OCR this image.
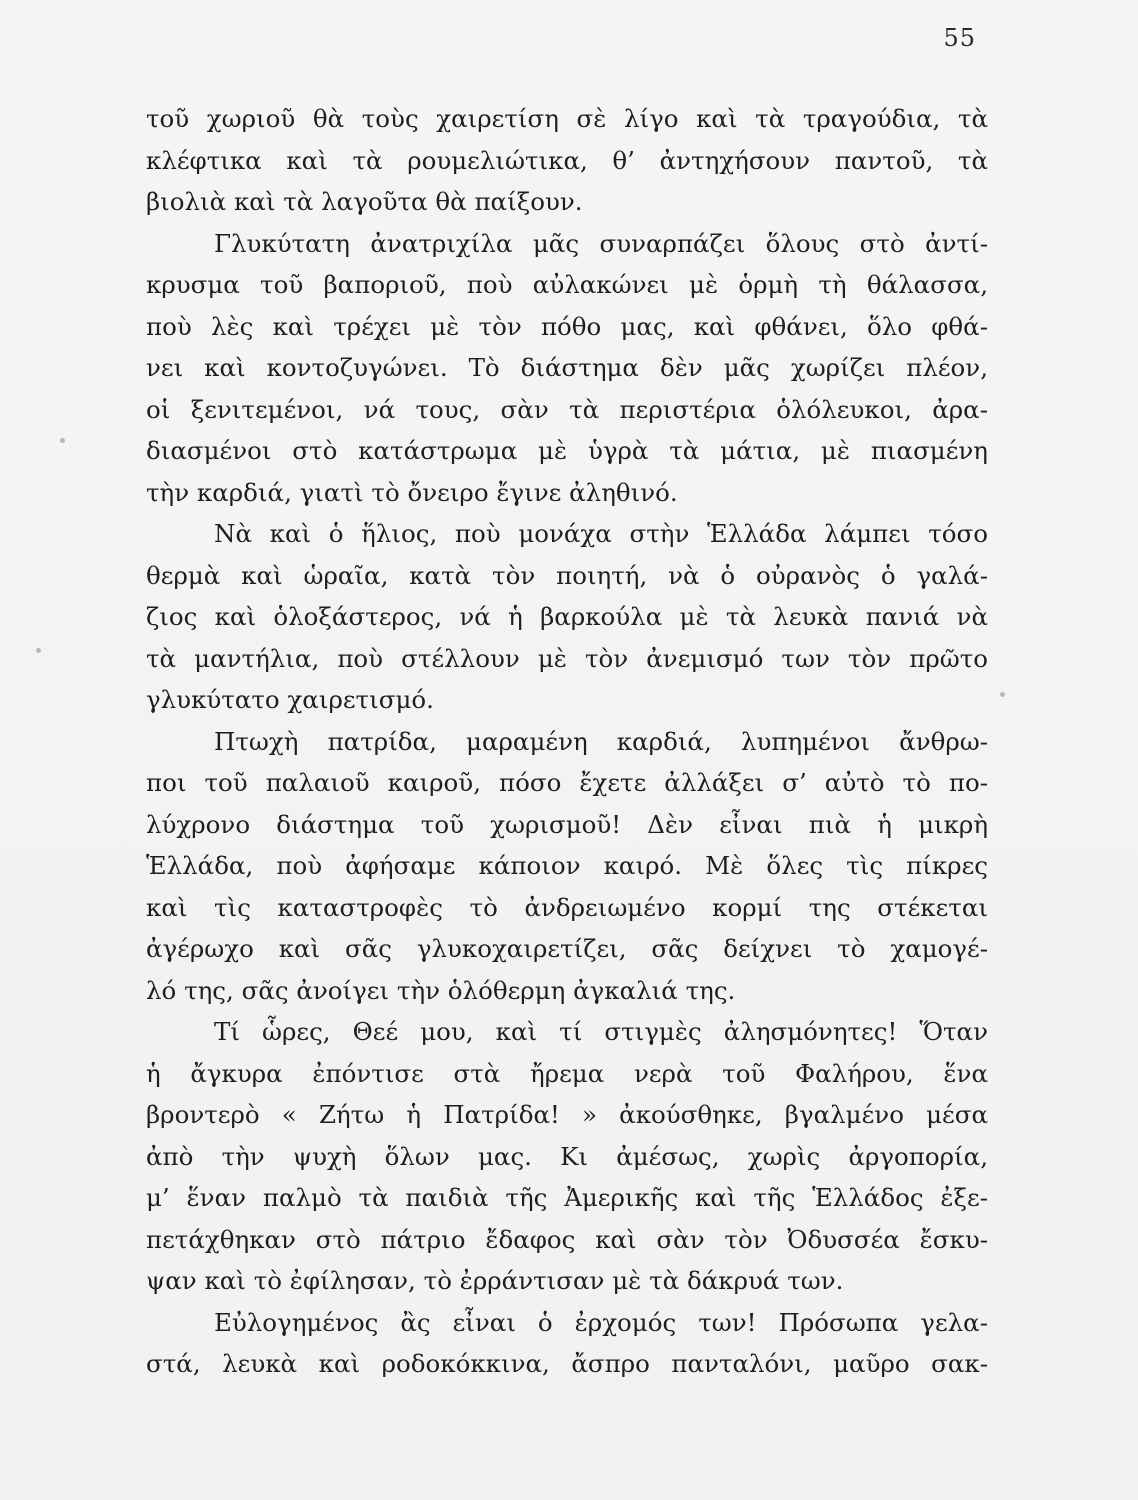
55
τοῦ χωριοῦ θὰ τοὺς χαιρετίση σὲ λίγο καὶ τὰ τραγούδια, τὰ
κλέφτικα καὶ τὰ ρουμελιώτικα, θ’ ἀντηχήσουν παντοῦ, τὰ
βιολιὰ καὶ τὰ λαγοῦτα θὰ παίξουν.
Γλυκύτατη ἀνατριχίλα μᾶς συναρπάζει ὅλους στὸ ἀντί-
κρυσμα τοῦ βαποριοῦ, ποὺ αὐλακώνει μὲ ὁρμὴ τὴ θάλασσα,
ποὺ λὲς καὶ τρέχει μὲ τὸν πόθο μας, καὶ φθάνει, ὅλο φθά-
νει καὶ κοντοζυγώνει. Τὸ διάστημα δὲν μᾶς χωρίζει πλέον,
οἱ ξενιτεμένοι, νά τους, σὰν τὰ περιστέρια ὁλόλευκοι, ἀρα-
διασμένοι στὸ κατάστρωμα μὲ ὑγρὰ τὰ μάτια, μὲ πιασμένη
τὴν καρδιά, γιατὶ τὸ ὄνειρο ἔγινε ἀληθινό.
Νὰ καὶ ὁ ἥλιος, ποὺ μονάχα στὴν Ἑλλάδα λάμπει τόσο
θερμὰ καὶ ὡραῖα, κατὰ τὸν ποιητή, νὰ ὁ οὐρανὸς ὁ γαλά-
ζιος καὶ ὁλοξάστερος, νά ἡ βαρκούλα μὲ τὰ λευκὰ πανιά νὰ
τὰ μαντήλια, ποὺ στέλλουν μὲ τὸν ἀνεμισμό των τὸν πρῶτο
γλυκύτατο χαιρετισμό.
Πτωχὴ πατρίδα, μαραμένη καρδιά, λυπημένοι ἄνθρω-
ποι τοῦ παλαιοῦ καιροῦ, πόσο ἔχετε ἀλλάξει σ’ αὐτὸ τὸ πο-
λύχρονο διάστημα τοῦ χωρισμοῦ! Δὲν εἶναι πιὰ ἡ μικρὴ
Ἑλλάδα, ποὺ ἀφήσαμε κάποιον καιρό. Μὲ ὅλες τὶς πίκρες
καὶ τὶς καταστροφὲς τὸ ἀνδρειωμένο κορμί της στέκεται
ἀγέρωχο καὶ σᾶς γλυκοχαιρετίζει, σᾶς δείχνει τὸ χαμογέ-
λό της, σᾶς ἀνοίγει τὴν ὁλόθερμη ἀγκαλιά της.
Τί ὧρες, Θεέ μου, καὶ τί στιγμὲς ἀλησμόνητες! Ὅταν
ἡ ἄγκυρα ἐπόντισε στὰ ἤρεμα νερὰ τοῦ Φαλήρου, ἕνα
βροντερὸ « Ζήτω ἡ Πατρίδα! » ἀκούσθηκε, βγαλμένο μέσα
ἀπὸ τὴν ψυχὴ ὅλων μας. Κι ἀμέσως, χωρὶς ἀργοπορία,
μ’ ἕναν παλμὸ τὰ παιδιὰ τῆς Ἀμερικῆς καὶ τῆς Ἑλλάδος ἐξε-
πετάχθηκαν στὸ πάτριο ἔδαφος καὶ σὰν τὸν Ὀδυσσέα ἔσκυ-
ψαν καὶ τὸ ἐφίλησαν, τὸ ἐρράντισαν μὲ τὰ δάκρυά των.
Εὐλογημένος ἂς εἶναι ὁ ἐρχομός των! Πρόσωπα γελα-
στά, λευκὰ καὶ ροδοκόκκινα, ἄσπρο πανταλόνι, μαῦρο σακ-
